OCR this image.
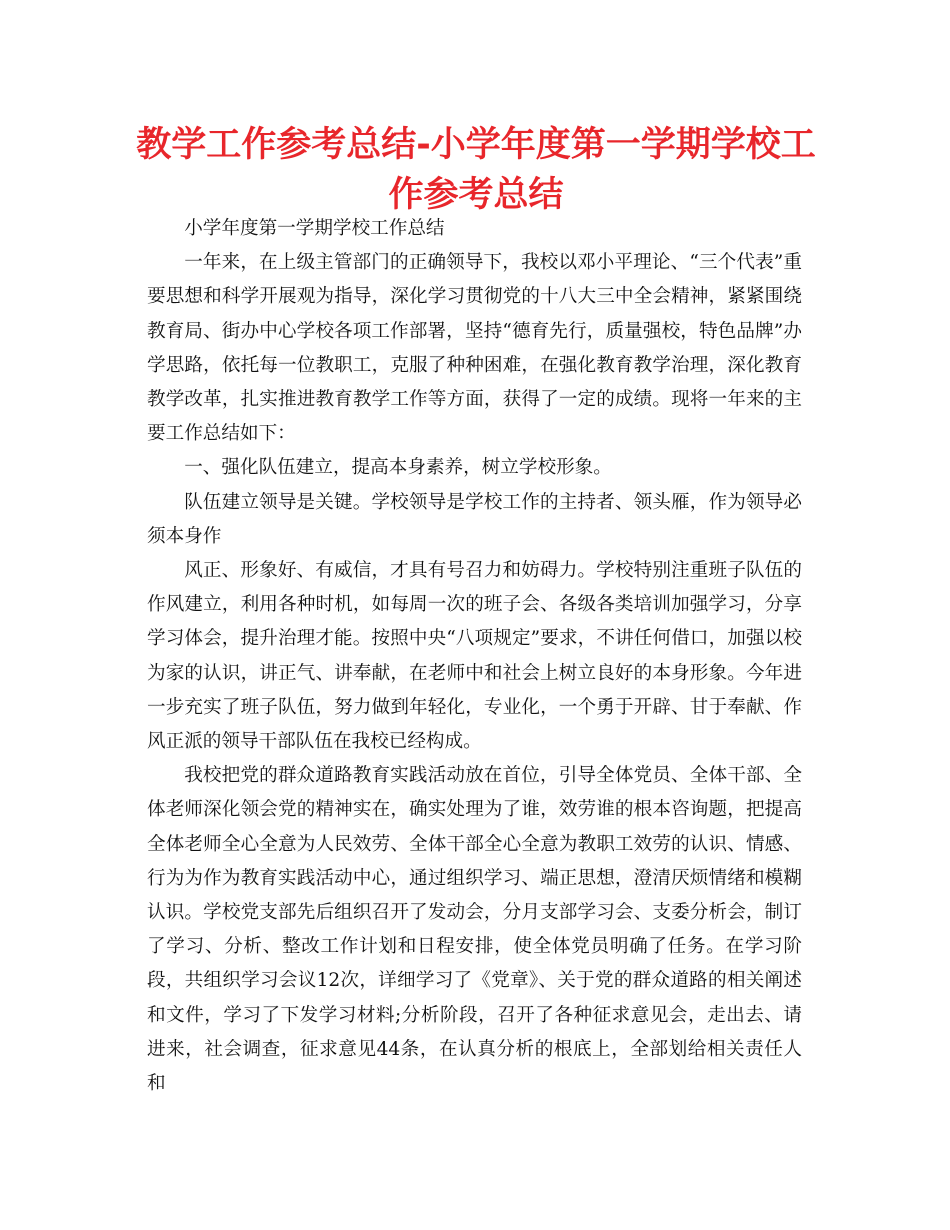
教学工作参考总结-小学年度第一学期学校工作参考总结

小学年度第一学期学校工作总结

一年来，在上级主管部门的正确领导下，我校以邓小平理论、“三个代表”重要思想和科学开展观为指导，深化学习贯彻党的十八大三中全会精神，紧紧围绕教育局、街办中心学校各项工作部署，坚持“德育先行，质量强校，特色品牌”办学思路，依托每一位教职工，克服了种种困难，在强化教育教学治理，深化教育教学改革，扎实推进教育教学工作等方面，获得了一定的成绩。现将一年来的主要工作总结如下：

一、强化队伍建立，提高本身素养，树立学校形象。

队伍建立领导是关键。学校领导是学校工作的主持者、领头雁，作为领导必须本身作

风正、形象好、有威信，才具有号召力和妨碍力。学校特别注重班子队伍的作风建立，利用各种时机，如每周一次的班子会、各级各类培训加强学习，分享学习体会，提升治理才能。按照中央“八项规定”要求，不讲任何借口，加强以校为家的认识，讲正气、讲奉献，在老师中和社会上树立良好的本身形象。今年进一步充实了班子队伍，努力做到年轻化，专业化，一个勇于开辟、甘于奉献、作风正派的领导干部队伍在我校已经构成。

我校把党的群众道路教育实践活动放在首位，引导全体党员、全体干部、全体老师深化领会党的精神实在，确实处理为了谁，效劳谁的根本咨询题，把提高全体老师全心全意为人民效劳、全体干部全心全意为教职工效劳的认识、情感、行为为作为教育实践活动中心，通过组织学习、端正思想，澄清厌烦情绪和模糊认识。学校党支部先后组织召开了发动会，分月支部学习会、支委分析会，制订了学习、分析、整改工作计划和日程安排，使全体党员明确了任务。在学习阶段，共组织学习会议12次，详细学习了《党章》、关于党的群众道路的相关阐述和文件，学习了下发学习材料;分析阶段，召开了各种征求意见会，走出去、请进来，社会调查，征求意见44条，在认真分析的根底上，全部划给相关责任人和
